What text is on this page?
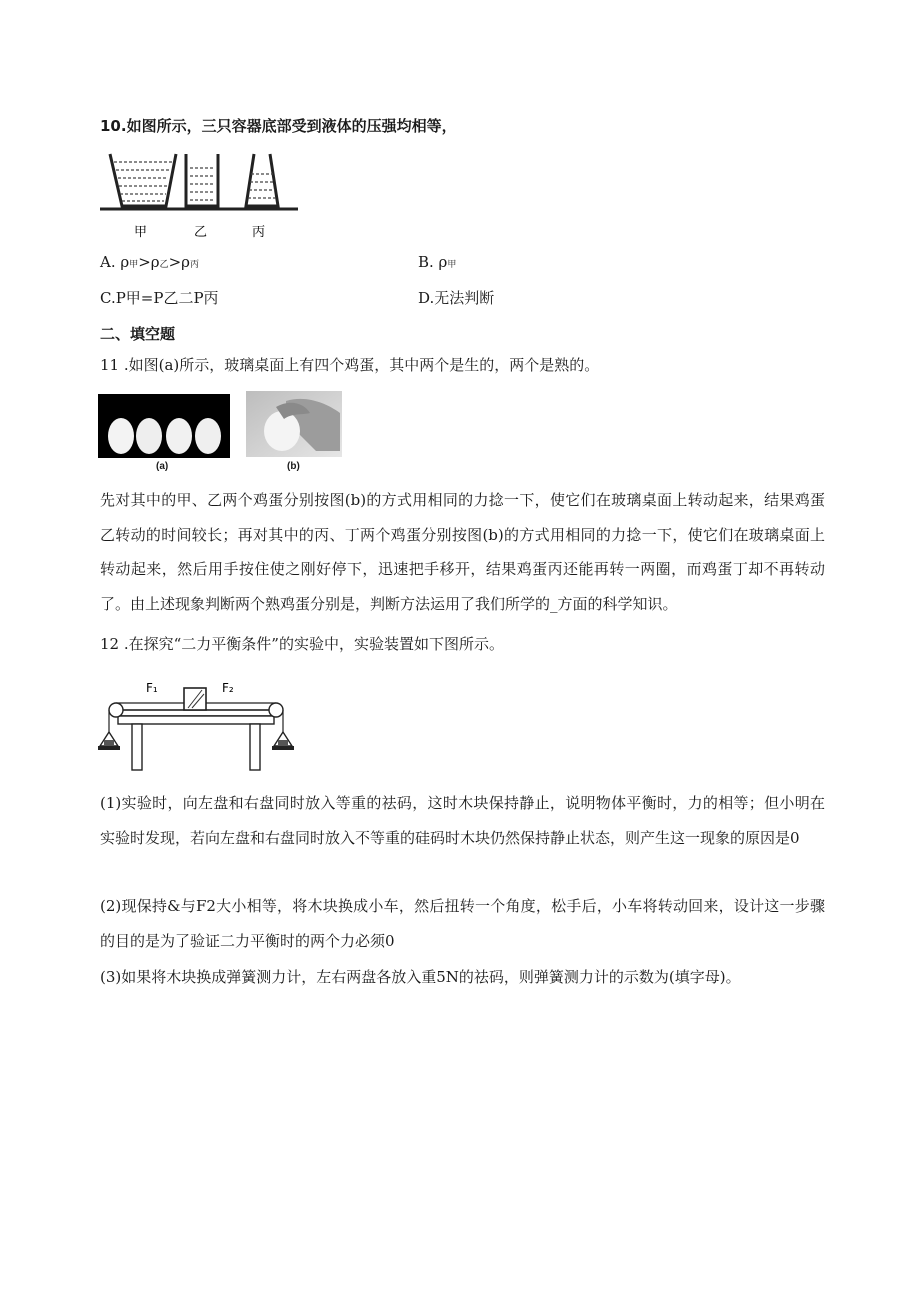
10.如图所示，三只容器底部受到液体的压强均相等，
甲	乙	丙
A. ρ甲>ρ乙>ρ丙	B. ρ甲
C.P甲=P乙二P丙	D.无法判断
二、填空题
11 .如图(a)所示，玻璃桌面上有四个鸡蛋，其中两个是生的，两个是熟的。
(a)	(b)
先对其中的甲、乙两个鸡蛋分别按图(b)的方式用相同的力捻一下，使它们在玻璃桌面上转动起来，结果鸡蛋乙转动的时间较长；再对其中的丙、丁两个鸡蛋分别按图(b)的方式用相同的力捻一下，使它们在玻璃桌面上转动起来，然后用手按住使之刚好停下，迅速把手移开，结果鸡蛋丙还能再转一两圈，而鸡蛋丁却不再转动了。由上述现象判断两个熟鸡蛋分别是，判断方法运用了我们所学的_方面的科学知识。
12 .在探究“二力平衡条件”的实验中，实验装置如下图所示。
F₁	F₂
(1)实验时，向左盘和右盘同时放入等重的祛码，这时木块保持静止，说明物体平衡时，力的相等；但小明在实验时发现，若向左盘和右盘同时放入不等重的硅码时木块仍然保持静止状态，则产生这一现象的原因是0
(2)现保持&与F2大小相等，将木块换成小车，然后扭转一个角度，松手后，小车将转动回来，设计这一步骤的目的是为了验证二力平衡时的两个力必须0
(3)如果将木块换成弹簧测力计，左右两盘各放入重5N的祛码，则弹簧测力计的示数为(填字母)。
